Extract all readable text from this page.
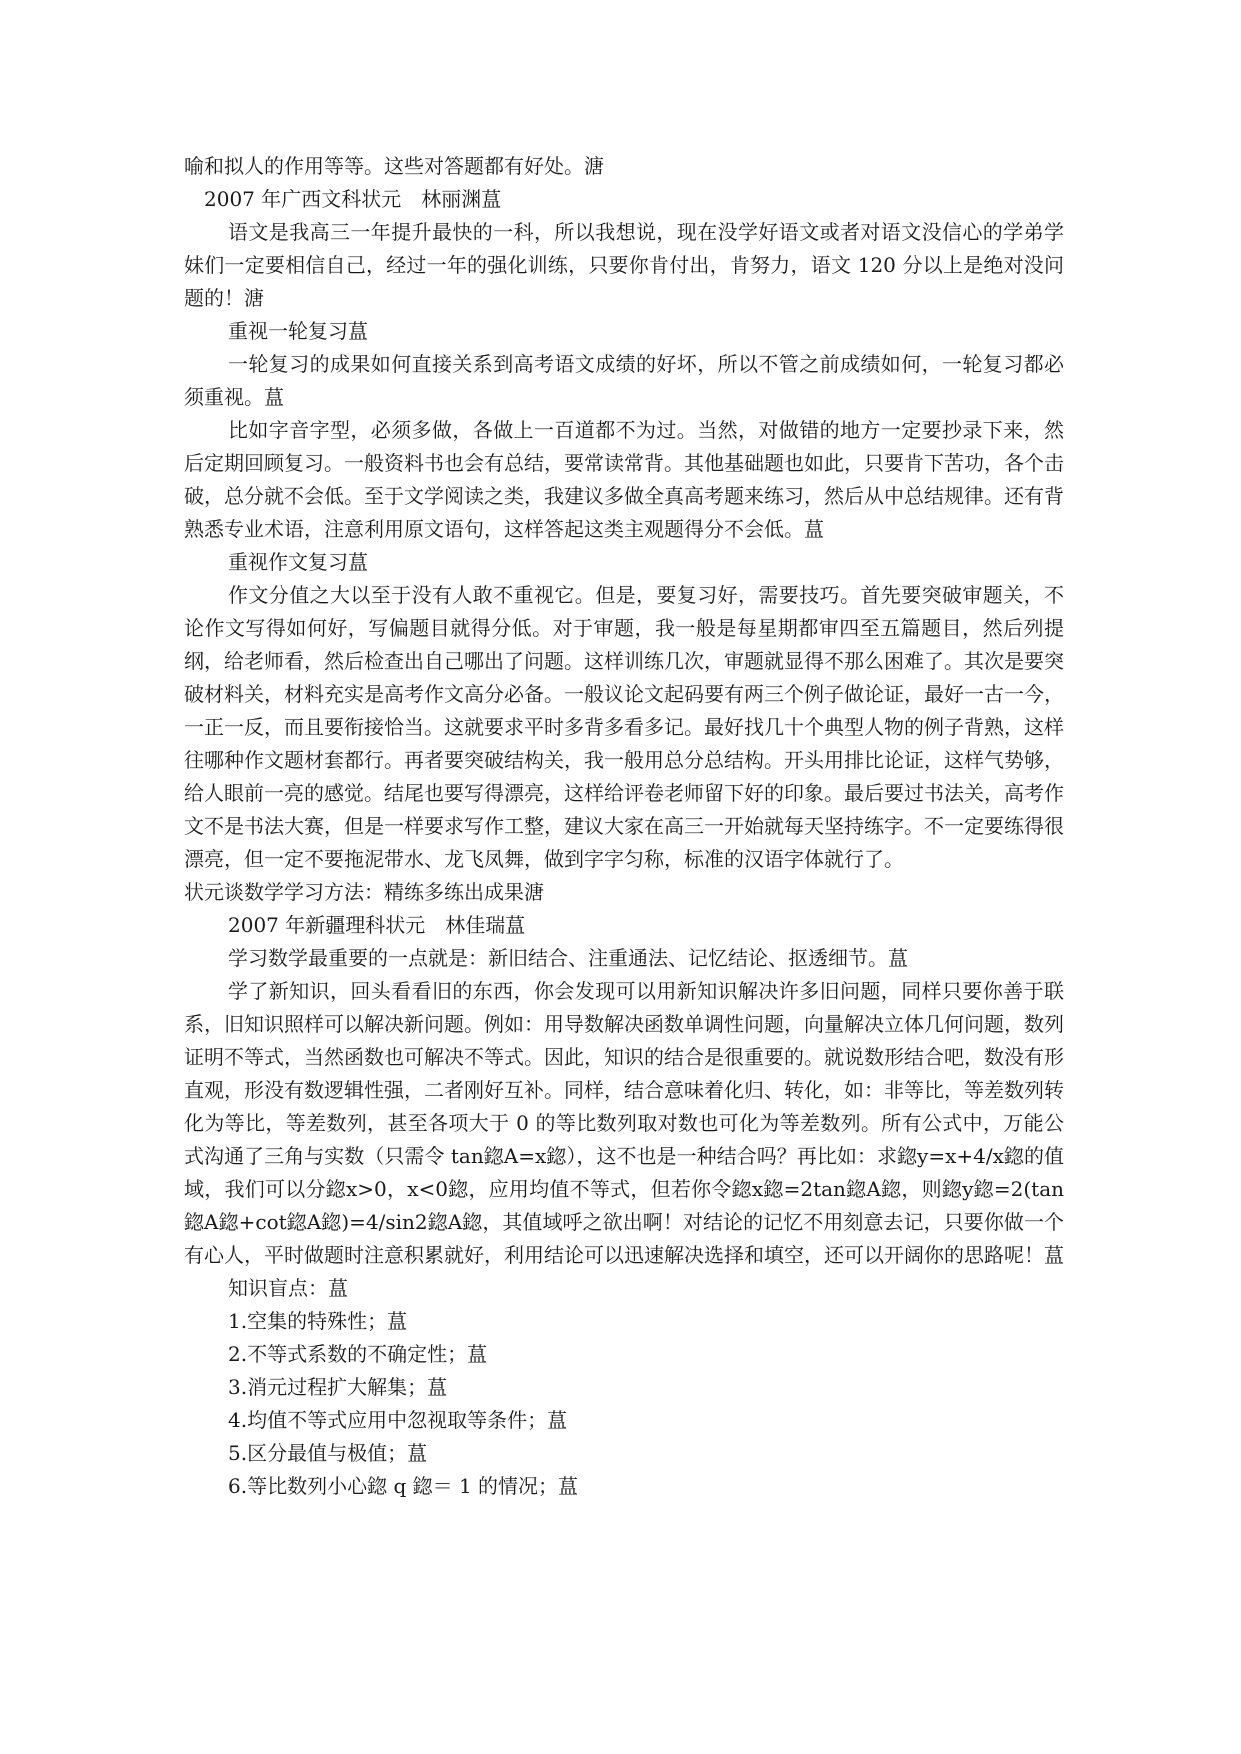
喻和拟人的作用等等。这些对答题都有好处。溏

2007 年广西文科状元　林丽渊蒀

语文是我高三一年提升最快的一科，所以我想说，现在没学好语文或者对语文没信心的学弟学妹们一定要相信自己，经过一年的强化训练，只要你肯付出，肯努力，语文 120 分以上是绝对没问题的！溏

重视一轮复习蒀

一轮复习的成果如何直接关系到高考语文成绩的好坏，所以不管之前成绩如何，一轮复习都必须重视。蒀

比如字音字型，必须多做，各做上一百道都不为过。当然，对做错的地方一定要抄录下来，然后定期回顾复习。一般资料书也会有总结，要常读常背。其他基础题也如此，只要肯下苦功，各个击破，总分就不会低。至于文学阅读之类，我建议多做全真高考题来练习，然后从中总结规律。还有背熟悉专业术语，注意利用原文语句，这样答起这类主观题得分不会低。蒀

重视作文复习蒀

作文分值之大以至于没有人敢不重视它。但是，要复习好，需要技巧。首先要突破审题关，不论作文写得如何好，写偏题目就得分低。对于审题，我一般是每星期都审四至五篇题目，然后列提纲，给老师看，然后检查出自己哪出了问题。这样训练几次，审题就显得不那么困难了。其次是要突破材料关，材料充实是高考作文高分必备。一般议论文起码要有两三个例子做论证，最好一古一今，一正一反，而且要衔接恰当。这就要求平时多背多看多记。最好找几十个典型人物的例子背熟，这样往哪种作文题材套都行。再者要突破结构关，我一般用总分总结构。开头用排比论证，这样气势够，给人眼前一亮的感觉。结尾也要写得漂亮，这样给评卷老师留下好的印象。最后要过书法关，高考作文不是书法大赛，但是一样要求写作工整，建议大家在高三一开始就每天坚持练字。不一定要练得很漂亮，但一定不要拖泥带水、龙飞凤舞，做到字字匀称，标准的汉语字体就行了。

状元谈数学学习方法：精练多练出成果溏

2007 年新疆理科状元　林佳瑞蒀

学习数学最重要的一点就是：新旧结合、注重通法、记忆结论、抠透细节。蒀

学了新知识，回头看看旧的东西，你会发现可以用新知识解决许多旧问题，同样只要你善于联系，旧知识照样可以解决新问题。例如：用导数解决函数单调性问题，向量解决立体几何问题，数列证明不等式，当然函数也可解决不等式。因此，知识的结合是很重要的。就说数形结合吧，数没有形直观，形没有数逻辑性强，二者刚好互补。同样，结合意味着化归、转化，如：非等比，等差数列转化为等比，等差数列，甚至各项大于 0 的等比数列取对数也可化为等差数列。所有公式中，万能公式沟通了三角与实数（只需令 tan鍃A=x鍃），这不也是一种结合吗？再比如：求鍃y=x+4/x鍃的值域，我们可以分鍃x>0，x<0鍃，应用均值不等式，但若你令鍃x鍃=2tan鍃A鍃，则鍃y鍃=2(tan鍃A鍃+cot鍃A鍃)=4/sin2鍃A鍃，其值域呼之欲出啊！对结论的记忆不用刻意去记，只要你做一个有心人，平时做题时注意积累就好，利用结论可以迅速解决选择和填空，还可以开阔你的思路呢！蒀

知识盲点：蒀

1.空集的特殊性；蒀

2.不等式系数的不确定性；蒀

3.消元过程扩大解集；蒀

4.均值不等式应用中忽视取等条件；蒀

5.区分最值与极值；蒀

6.等比数列小心鍃 q 鍃＝ 1 的情况；蒀
